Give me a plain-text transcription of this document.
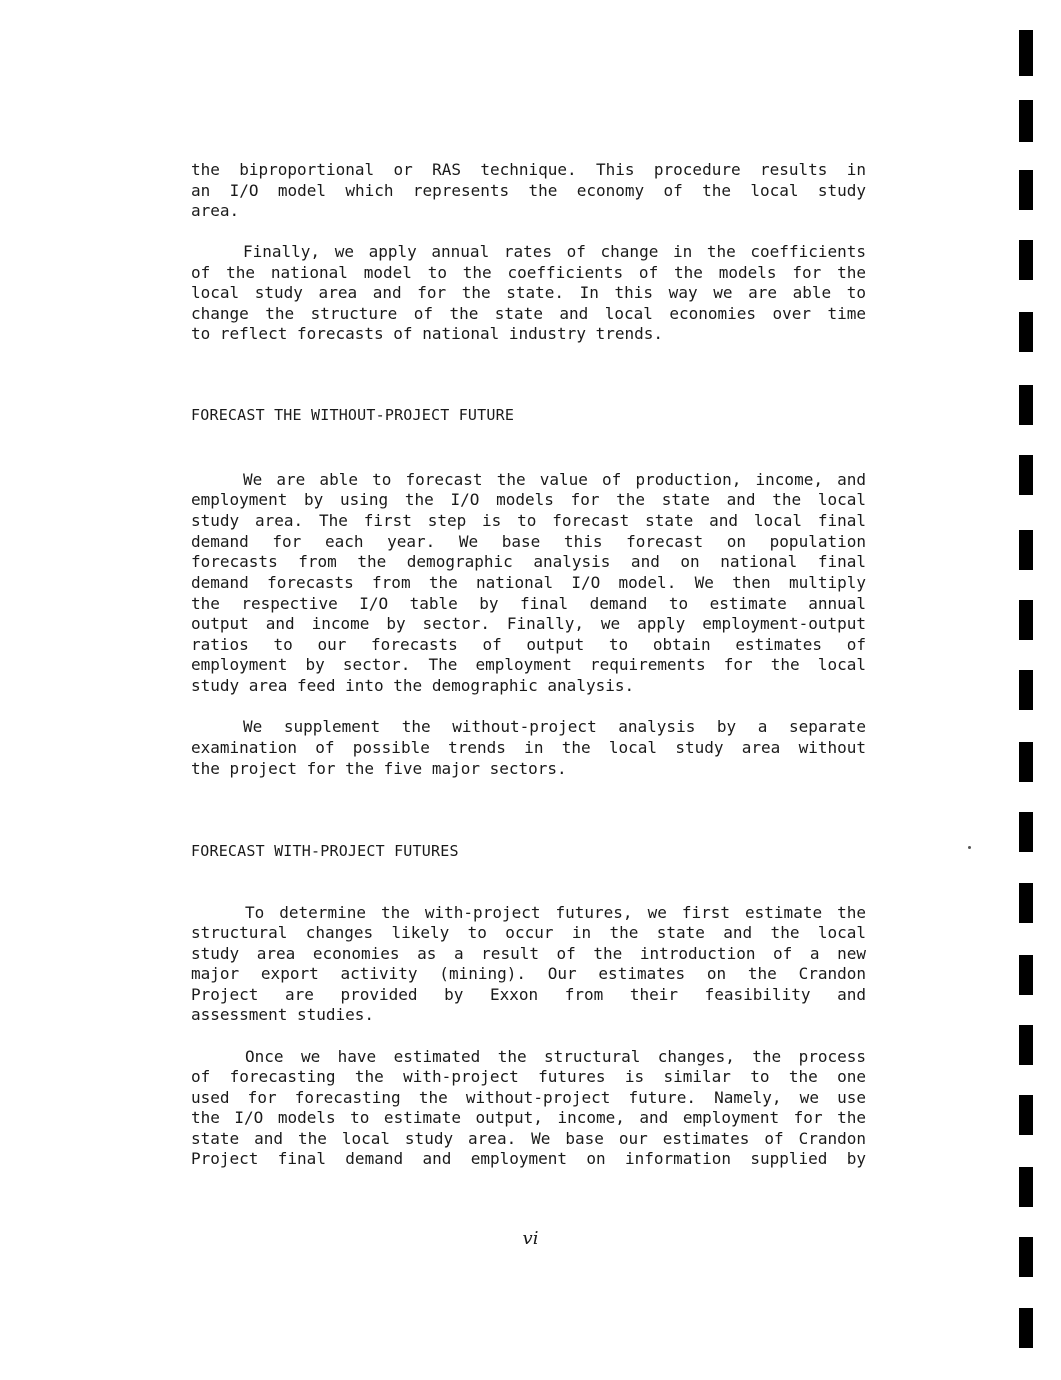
the biproportional or RAS technique. This procedure results in
an I/O model which represents the economy of the local study
area.
Finally, we apply annual rates of change in the coefficients
of the national model to the coefficients of the models for the
local study area and for the state. In this way we are able to
change the structure of the state and local economies over time
to reflect forecasts of national industry trends.
FORECAST THE WITHOUT-PROJECT FUTURE
We are able to forecast the value of production, income, and
employment by using the I/O models for the state and the local
study area. The first step is to forecast state and local final
demand for each year. We base this forecast on population
forecasts from the demographic analysis and on national final
demand forecasts from the national I/O model. We then multiply
the respective I/O table by final demand to estimate annual
output and income by sector. Finally, we apply employment-output
ratios to our forecasts of output to obtain estimates of
employment by sector. The employment requirements for the local
study area feed into the demographic analysis.
We supplement the without-project analysis by a separate
examination of possible trends in the local study area without
the project for the five major sectors.
FORECAST WITH-PROJECT FUTURES
To determine the with-project futures, we first estimate the
structural changes likely to occur in the state and the local
study area economies as a result of the introduction of a new
major export activity (mining). Our estimates on the Crandon
Project are provided by Exxon from their feasibility and
assessment studies.
Once we have estimated the structural changes, the process
of forecasting the with-project futures is similar to the one
used for forecasting the without-project future. Namely, we use
the I/O models to estimate output, income, and employment for the
state and the local study area. We base our estimates of Crandon
Project final demand and employment on information supplied by
vi
